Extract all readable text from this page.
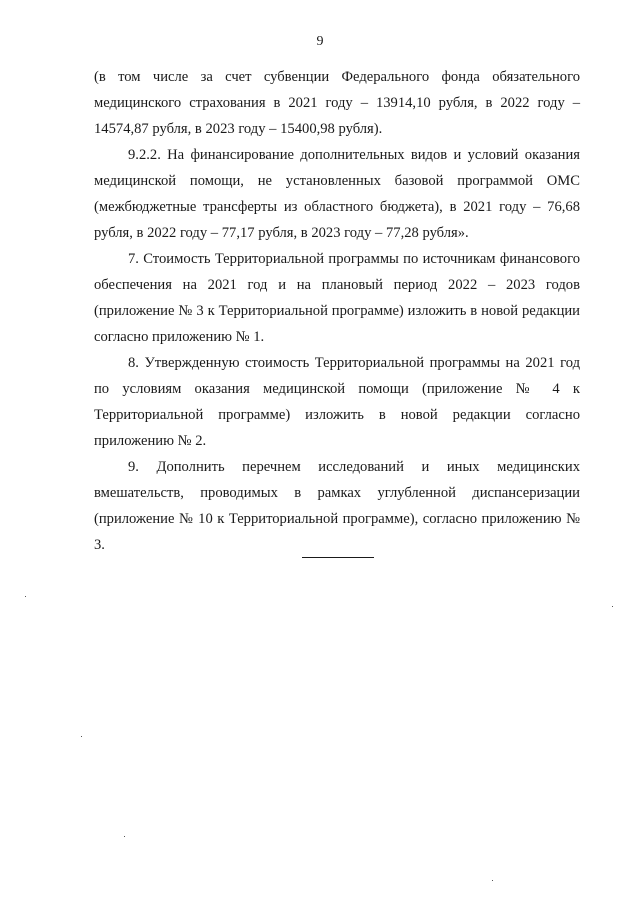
9

(в том числе за счет субвенции Федерального фонда обязательного медицинского страхования в 2021 году – 13914,10 рубля, в 2022 году – 14574,87 рубля, в 2023 году – 15400,98 рубля).

9.2.2. На финансирование дополнительных видов и условий оказания медицинской помощи, не установленных базовой программой ОМС (межбюджетные трансферты из областного бюджета), в 2021 году – 76,68 рубля, в 2022 году – 77,17 рубля, в 2023 году – 77,28 рубля».

7. Стоимость Территориальной программы по источникам финансового обеспечения на 2021 год и на плановый период 2022 – 2023 годов (приложение № 3 к Территориальной программе) изложить в новой редакции согласно приложению № 1.

8. Утвержденную стоимость Территориальной программы на 2021 год по условиям оказания медицинской помощи (приложение № 4 к Территориальной программе) изложить в новой редакции согласно приложению № 2.

9. Дополнить перечнем исследований и иных медицинских вмешательств, проводимых в рамках углубленной диспансеризации (приложение № 10 к Территориальной программе), согласно приложению № 3.
